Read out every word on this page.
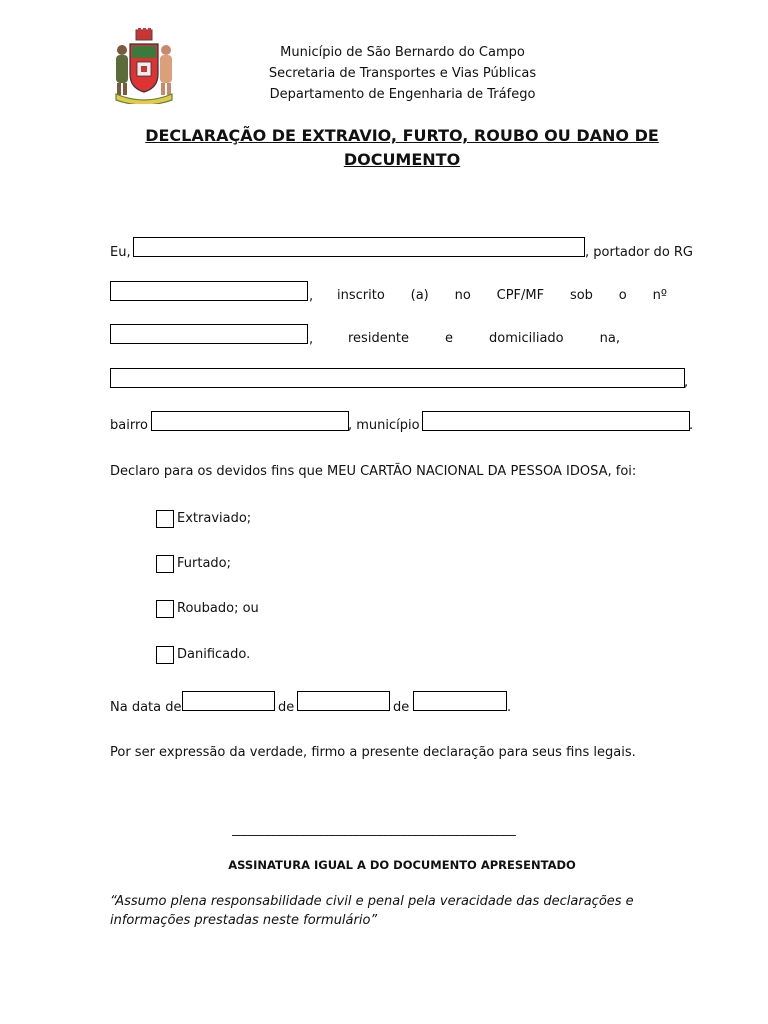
Município de São Bernardo do Campo
Secretaria de Transportes e Vias Públicas
Departamento de Engenharia de Tráfego
DECLARAÇÃO DE EXTRAVIO, FURTO, ROUBO OU DANO DE
DOCUMENTO
Eu,	, portador do RG
, inscrito (a) no CPF/MF sob o nº
,	residente	e	domiciliado	na,
,
bairro	, município	.
Declaro para os devidos fins que MEU CARTÃO NACIONAL DA PESSOA IDOSA, foi:
Extraviado;
Furtado;
Roubado; ou
Danificado.
Na data de	de	de	.
Por ser expressão da verdade, firmo a presente declaração para seus fins legais.
________________________________________________
ASSINATURA IGUAL A DO DOCUMENTO APRESENTADO
“Assumo plena responsabilidade civil e penal pela veracidade das declarações e informações prestadas neste formulário”
